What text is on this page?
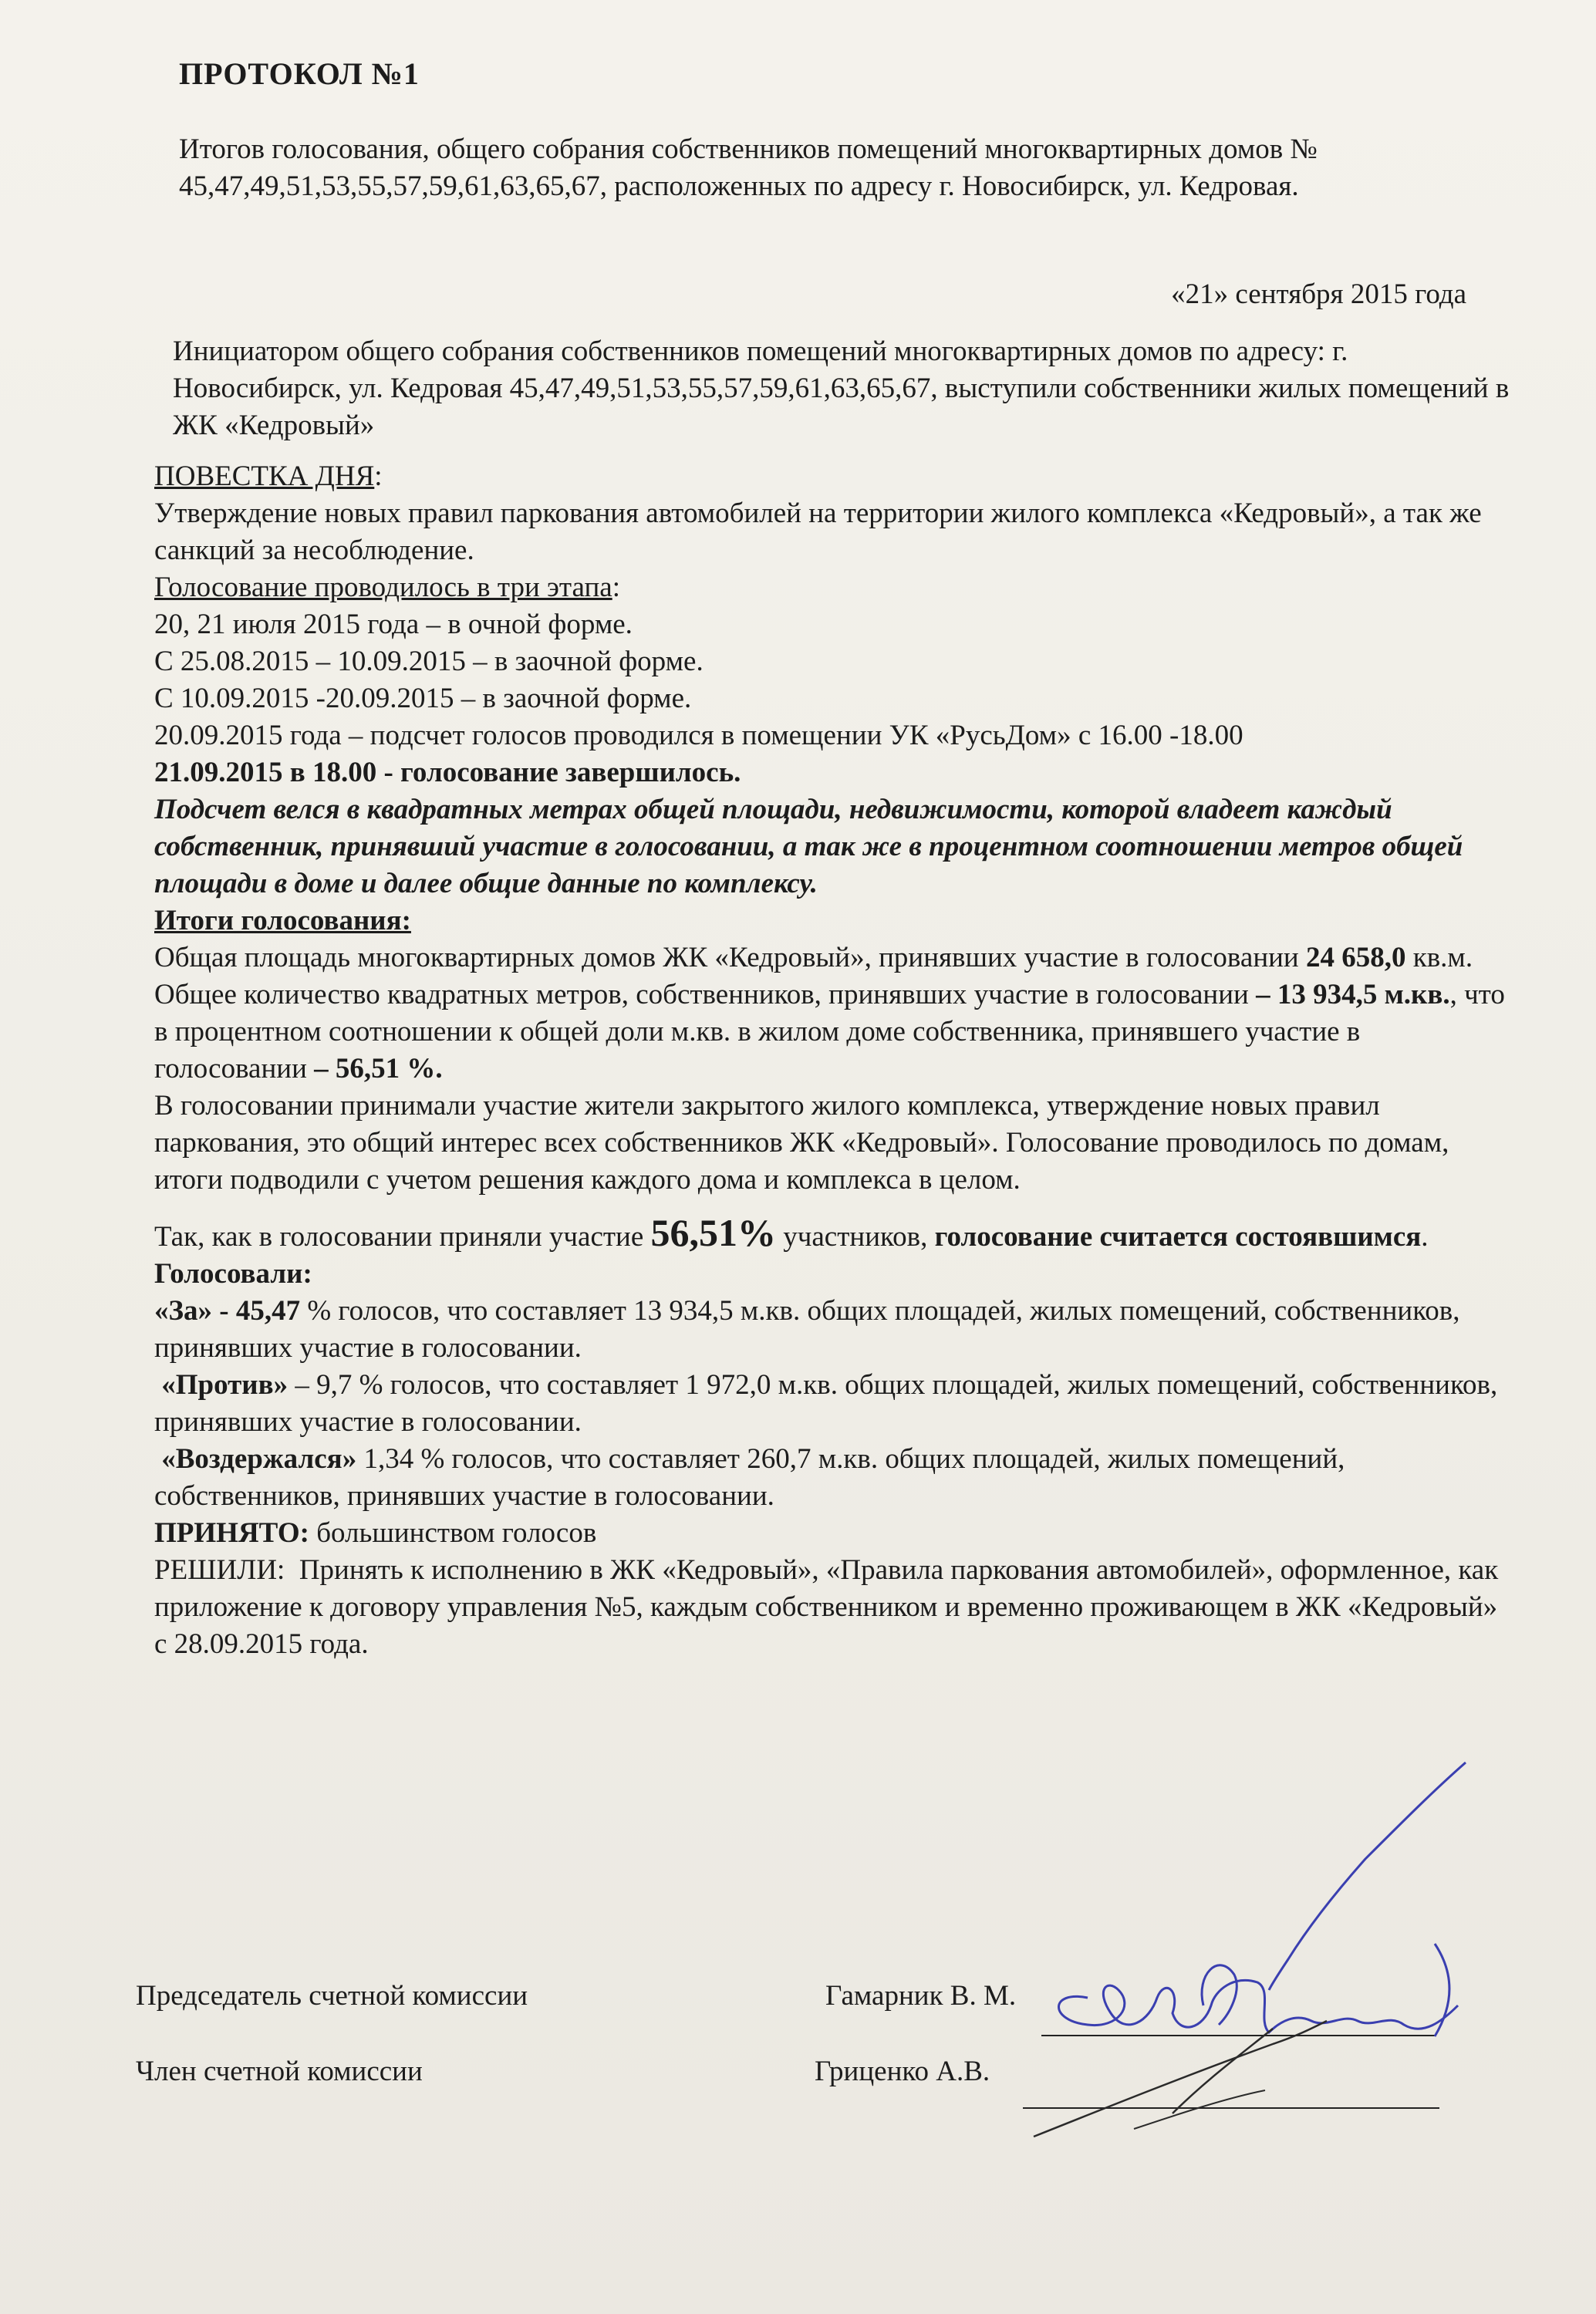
ПРОТОКОЛ №1
Итогов голосования, общего собрания собственников помещений многоквартирных домов № 45,47,49,51,53,55,57,59,61,63,65,67, расположенных по адресу г. Новосибирск, ул. Кедровая.
«21» сентября 2015 года
Инициатором общего собрания собственников помещений многоквартирных домов по адресу: г. Новосибирск, ул. Кедровая 45,47,49,51,53,55,57,59,61,63,65,67, выступили собственники жилых помещений в ЖК «Кедровый»

ПОВЕСТКА ДНЯ:

Утверждение новых правил паркования автомобилей на территории жилого комплекса «Кедровый», а так же санкций за несоблюдение.

Голосование проводилось в три этапа:

20, 21 июля 2015 года – в очной форме.

С 25.08.2015 – 10.09.2015 – в заочной форме.

С 10.09.2015 -20.09.2015 – в заочной форме.

20.09.2015 года – подсчет голосов проводился в помещении УК «РусьДом» с 16.00 -18.00

21.09.2015 в 18.00 - голосование завершилось.

Подсчет велся в квадратных метрах общей площади, недвижимости, которой владеет каждый собственник, принявший участие в голосовании, а так же в процентном соотношении метров общей площади в доме и далее общие данные по комплексу.

Итоги голосования:

Общая площадь многоквартирных домов ЖК «Кедровый», принявших участие в голосовании 24 658,0 кв.м.

Общее количество квадратных метров, собственников, принявших участие в голосовании – 13 934,5 м.кв., что в процентном соотношении к общей доли м.кв. в жилом доме собственника, принявшего участие в голосовании – 56,51 %.

В голосовании принимали участие жители закрытого жилого комплекса, утверждение новых правил паркования, это общий интерес всех собственников ЖК «Кедровый». Голосование проводилось по домам, итоги подводили с учетом решения каждого дома и комплекса в целом.

Так, как в голосовании приняли участие 56,51% участников, голосование считается состоявшимся.

Голосовали:

«За» - 45,47 % голосов, что составляет 13 934,5 м.кв. общих площадей, жилых помещений, собственников, принявших участие в голосовании.

«Против» – 9,7 % голосов, что составляет 1 972,0 м.кв. общих площадей, жилых помещений, собственников, принявших участие в голосовании.

«Воздержался» 1,34 % голосов, что составляет 260,7 м.кв. общих площадей, жилых помещений, собственников, принявших участие в голосовании.

ПРИНЯТО: большинством голосов

РЕШИЛИ: Принять к исполнению в ЖК «Кедровый», «Правила паркования автомобилей», оформленное, как приложение к договору управления №5, каждым собственником и временно проживающем в ЖК «Кедровый» с 28.09.2015 года.

Председатель счетной комиссии	Гамарник В. М.
Член счетной комиссии	Гриценко А.В.
